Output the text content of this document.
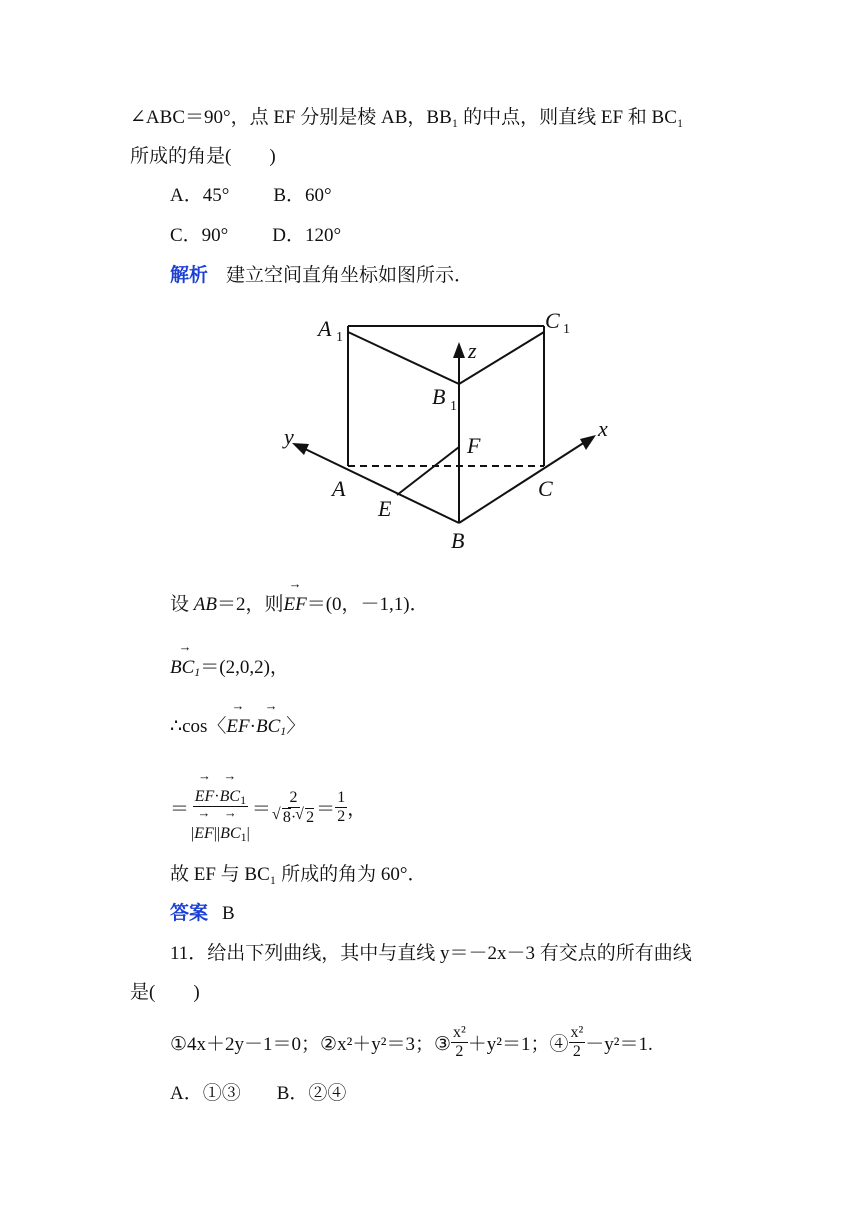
∠ABC＝90°，点 EF 分别是棱 AB，BB₁ 的中点，则直线 EF 和 BC₁
所成的角是(　　)
A．45° B．60°
C．90° D．120°
解析 建立空间直角坐标如图所示．
A 1
C 1
B 1
z
y	x
F
A
E
C
B
设 AB＝2，则→ EF＝(0，－1,1)．
→ $BC_1=(2,0,2)$，
∴cos〈→ $EF\cdot\to BC_1$〉
＝ → $\frac{EF\cdot\to BC_1}{|\to EF||\to BC_1|} = 2$
√ 8· √ $2 = \frac{1}{2}$ ，
故 EF 与 BC₁ 所成的角为 60°．
答案 B
11．给出下列曲线，其中与直线 y＝－2x－3 有交点的所有曲线
是(　　)
①4x＋2y－1＝0；②x²＋y²＝3；③ $\frac{\text{x²}}{2} +y^2=1$；④ $\frac{\text{x²}}{2} -y^2=1$.
A．①③ B．②④
